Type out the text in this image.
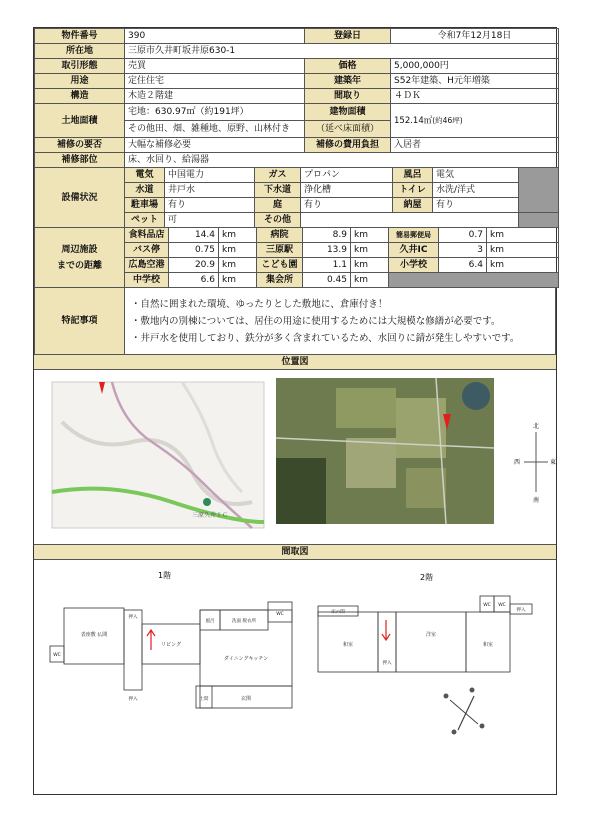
物件番号	390	登録日	令和7年12月18日
所在地	三原市久井町坂井原630-1		
取引形態	売買	価格	5,000,000円
用途	定住住宅	建築年	S52年建築、H元年増築
構造	木造２階建	間取り	４ＤＫ
土地面積	宅地：630.97㎡（約191坪）	建物面積	152.14㎡(約46坪)
	その他田、畑、雑種地、原野、山林付き	（延べ床面積）	
補修の要否	大幅な補修必要	補修の費用負担	入居者
補修部位	床、水回り、給湯器		
設備状況	電気	中国電力	ガス	プロパン	風呂	電気	
	水道	井戸水	下水道	浄化槽	トイレ	水洗/洋式	
	駐車場	有り	庭	有り	納屋	有り	
	ペット	可	その他				
周辺施設
までの距離	食料品店	14.4	km	病院	8.9	km	簡易郵便局	0.7	km
	バス停	0.75	km	三原駅	13.9	km	久井IC	3	km
	広島空港	20.9	km	こども園	1.1	km	小学校	6.4	km
	中学校	6.6	km	集会所	0.45	km			
特記事項	
・自然に囲まれた環境、ゆったりとした敷地に、倉庫付き！
・敷地内の別棟については、居住の用途に使用するためには大規模な修繕が必要です。
・井戸水を使用しており、鉄分が多く含まれているため、水回りに錆が発生しやすいです。
位置図
三原久井ＩＣ
北
南
東
西
間取図
1階	2階
表座敷 仏間
リビング
ダイニングキッチン
玄関
風呂	洗面 脱衣所
押入
押入	土間
WC
WC
和室
洋室
和室
床の間
押入
押入
WC WC
